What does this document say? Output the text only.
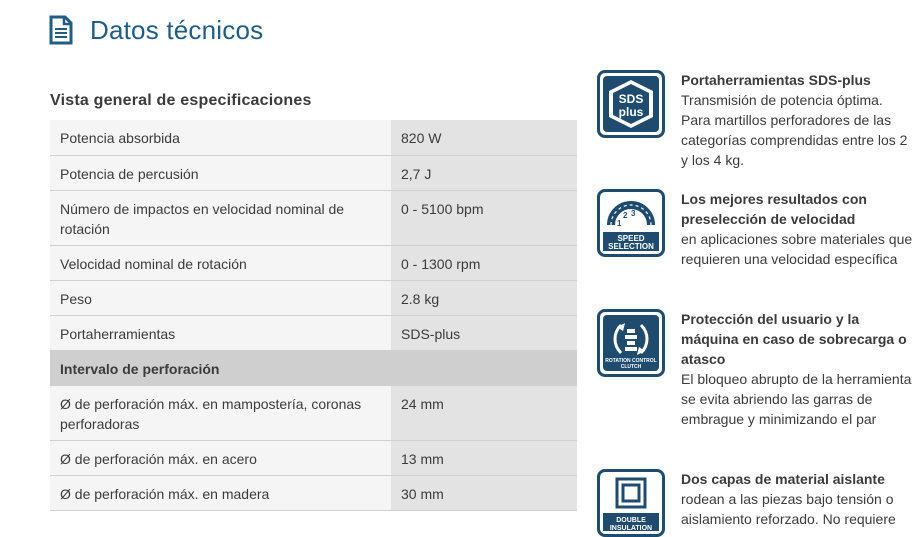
Datos técnicos
Vista general de especificaciones
Potencia absorbida	820 W
Potencia de percusión	2,7 J
Número de impactos en velocidad nominal de rotación	0 - 5100 bpm
Velocidad nominal de rotación	0 - 1300 rpm
Peso	2.8 kg
Portaherramientas	SDS-plus
Intervalo de perforación	
Ø de perforación máx. en mampostería, coronas perforadoras	24 mm
Ø de perforación máx. en acero	13 mm
Ø de perforación máx. en madera	30 mm
SDS
plus
Portaherramientas SDS-plus
Transmisión de potencia óptima. Para martillos perforadores de las categorías comprendidas entre los 2 y los 4 kg.
1
2 3
SPEED
SELECTION
Los mejores resultados con preselección de velocidad
en aplicaciones sobre materiales que requieren una velocidad específica
ROTATION CONTROL
CLUTCH
Protección del usuario y la máquina en caso de sobrecarga o atasco
El bloqueo abrupto de la herramienta se evita abriendo las garras de embrague y minimizando el par
DOUBLE
INSULATION
Dos capas de material aislante
rodean a las piezas bajo tensión o aislamiento reforzado. No requiere
